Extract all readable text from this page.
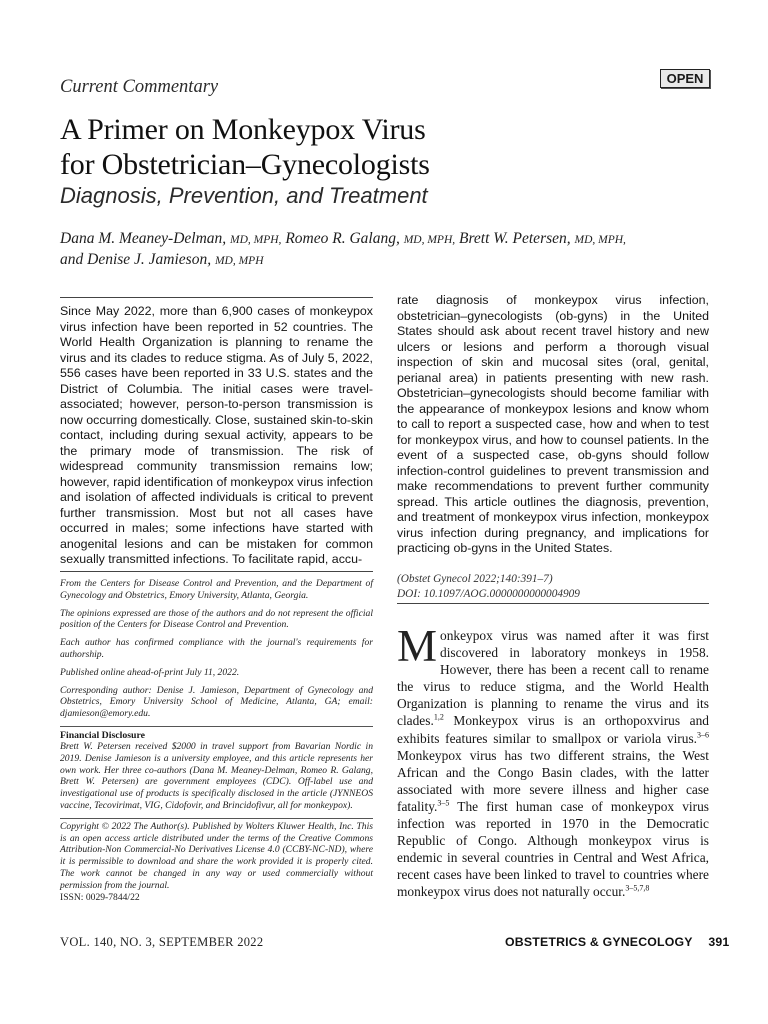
Current Commentary	OPEN
A Primer on Monkeypox Virus
for Obstetrician–Gynecologists
Diagnosis, Prevention, and Treatment
Dana M. Meaney-Delman, MD, MPH, Romeo R. Galang, MD, MPH, Brett W. Petersen, MD, MPH,
and Denise J. Jamieson, MD, MPH
Since May 2022, more than 6,900 cases of monkeypox virus infection have been reported in 52 countries. The World Health Organization is planning to rename the virus and its clades to reduce stigma. As of July 5, 2022, 556 cases have been reported in 33 U.S. states and the District of Columbia. The initial cases were travel-associated; however, person-to-person transmission is now occurring domestically. Close, sustained skin-to-skin contact, including during sexual activity, appears to be the primary mode of transmission. The risk of widespread community transmission remains low; however, rapid identification of monkeypox virus infection and isolation of affected individuals is critical to prevent further transmission. Most but not all cases have occurred in males; some infections have started with anogenital lesions and can be mistaken for common sexually transmitted infections. To facilitate rapid, accu-
rate diagnosis of monkeypox virus infection, obstetrician–gynecologists (ob-gyns) in the United States should ask about recent travel history and new ulcers or lesions and perform a thorough visual inspection of skin and mucosal sites (oral, genital, perianal area) in patients presenting with new rash. Obstetrician–gynecologists should become familiar with the appearance of monkeypox lesions and know whom to call to report a suspected case, how and when to test for monkeypox virus, and how to counsel patients. In the event of a suspected case, ob-gyns should follow infection-control guidelines to prevent transmission and make recommendations to prevent further community spread. This article outlines the diagnosis, prevention, and treatment of monkeypox virus infection, monkeypox virus infection during pregnancy, and implications for practicing ob-gyns in the United States.
(Obstet Gynecol 2022;140:391–7)
DOI: 10.1097/AOG.0000000000004909

From the Centers for Disease Control and Prevention, and the Department of Gynecology and Obstetrics, Emory University, Atlanta, Georgia.

The opinions expressed are those of the authors and do not represent the official position of the Centers for Disease Control and Prevention.

Each author has confirmed compliance with the journal's requirements for authorship.

Published online ahead-of-print July 11, 2022.

Corresponding author: Denise J. Jamieson, Department of Gynecology and Obstetrics, Emory University School of Medicine, Atlanta, GA; email: djamieson@emory.edu.

Financial Disclosure

Brett W. Petersen received $2000 in travel support from Bavarian Nordic in 2019. Denise Jamieson is a university employee, and this article represents her own work. Her three co-authors (Dana M. Meaney-Delman, Romeo R. Galang, Brett W. Petersen) are government employees (CDC). Off-label use and investigational use of products is specifically disclosed in the article (JYNNEOS vaccine, Tecovirimat, VIG, Cidofovir, and Brincidofivur, all for monkeypox).

Copyright © 2022 The Author(s). Published by Wolters Kluwer Health, Inc. This is an open access article distributed under the terms of the Creative Commons Attribution-Non Commercial-No Derivatives License 4.0 (CCBY-NC-ND), where it is permissible to download and share the work provided it is properly cited. The work cannot be changed in any way or used commercially without permission from the journal.

ISSN: 0029-7844/22

Monkeypox virus was named after it was first discovered in laboratory monkeys in 1958. However, there has been a recent call to rename the virus to reduce stigma, and the World Health Organization is planning to rename the virus and its clades.$^{1,2}$ Monkeypox virus is an orthopoxvirus and exhibits features similar to smallpox or variola virus.$^{3-6}$ Monkeypox virus has two different strains, the West African and the Congo Basin clades, with the latter associated with more severe illness and higher case fatality.$^{3-5}$ The first human case of monkeypox virus infection was reported in 1970 in the Democratic Republic of Congo. Although monkeypox virus is endemic in several countries in Central and West Africa, recent cases have been linked to travel to countries where monkeypox virus does not naturally occur.$^{3-5,7,8}$
VOL. 140, NO. 3, SEPTEMBER 2022	OBSTETRICS & GYNECOLOGY 391
